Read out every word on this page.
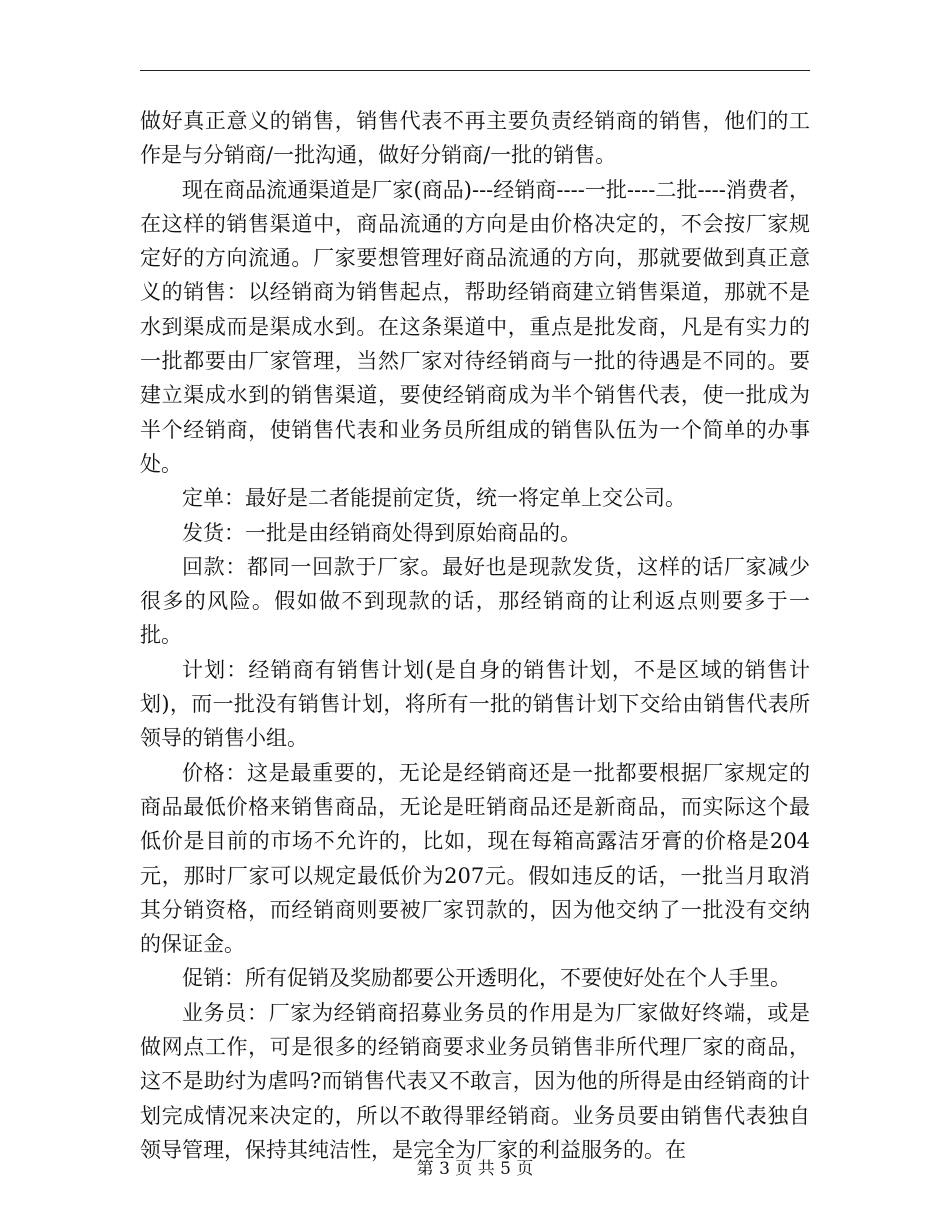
做好真正意义的销售，销售代表不再主要负责经销商的销售，他们的工作是与分销商/一批沟通，做好分销商/一批的销售。

现在商品流通渠道是厂家(商品)---经销商----一批----二批----消费者，在这样的销售渠道中，商品流通的方向是由价格决定的，不会按厂家规定好的方向流通。厂家要想管理好商品流通的方向，那就要做到真正意义的销售：以经销商为销售起点，帮助经销商建立销售渠道，那就不是水到渠成而是渠成水到。在这条渠道中，重点是批发商，凡是有实力的一批都要由厂家管理，当然厂家对待经销商与一批的待遇是不同的。要建立渠成水到的销售渠道，要使经销商成为半个销售代表，使一批成为半个经销商，使销售代表和业务员所组成的销售队伍为一个简单的办事处。

定单：最好是二者能提前定货，统一将定单上交公司。

发货：一批是由经销商处得到原始商品的。

回款：都同一回款于厂家。最好也是现款发货，这样的话厂家减少很多的风险。假如做不到现款的话，那经销商的让利返点则要多于一批。

计划：经销商有销售计划(是自身的销售计划，不是区域的销售计划)，而一批没有销售计划，将所有一批的销售计划下交给由销售代表所领导的销售小组。

价格：这是最重要的，无论是经销商还是一批都要根据厂家规定的商品最低价格来销售商品，无论是旺销商品还是新商品，而实际这个最低价是目前的市场不允许的，比如，现在每箱高露洁牙膏的价格是204元，那时厂家可以规定最低价为207元。假如违反的话，一批当月取消其分销资格，而经销商则要被厂家罚款的，因为他交纳了一批没有交纳的保证金。

促销：所有促销及奖励都要公开透明化，不要使好处在个人手里。

业务员：厂家为经销商招募业务员的作用是为厂家做好终端，或是做网点工作，可是很多的经销商要求业务员销售非所代理厂家的商品，这不是助纣为虐吗?而销售代表又不敢言，因为他的所得是由经销商的计划完成情况来决定的，所以不敢得罪经销商。业务员要由销售代表独自领导管理，保持其纯洁性，是完全为厂家的利益服务的。在

第 3 页 共 5 页
